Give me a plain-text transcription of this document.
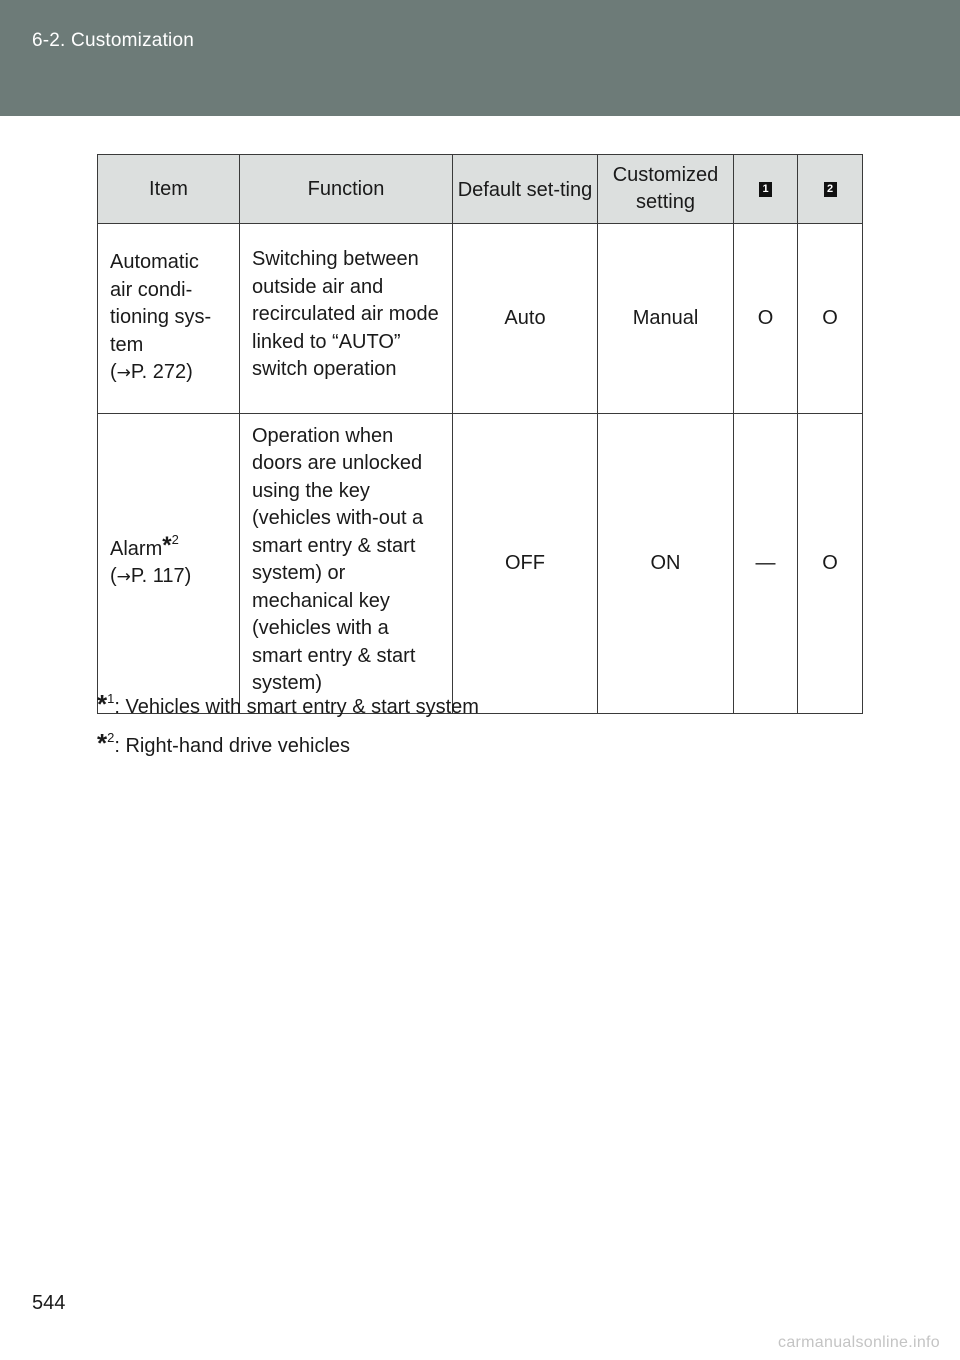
6-2. Customization
Item	Function	Default set-ting	Customized setting	1	2

Automatic
air condi-
tioning sys-
tem
(→P. 272)	Switching between outside air and recirculated air mode linked to “AUTO” switch operation	Auto	Manual	O	O

Alarm*$^2$
(→P. 117)	Operation when doors are unlocked using the key (vehicles with-out a smart entry & start system) or mechanical key (vehicles with a smart entry & start system)	OFF	ON	—	O
*$^1$: Vehicles with smart entry & start system
*$^2$: Right-hand drive vehicles
544
carmanualsonline.info
